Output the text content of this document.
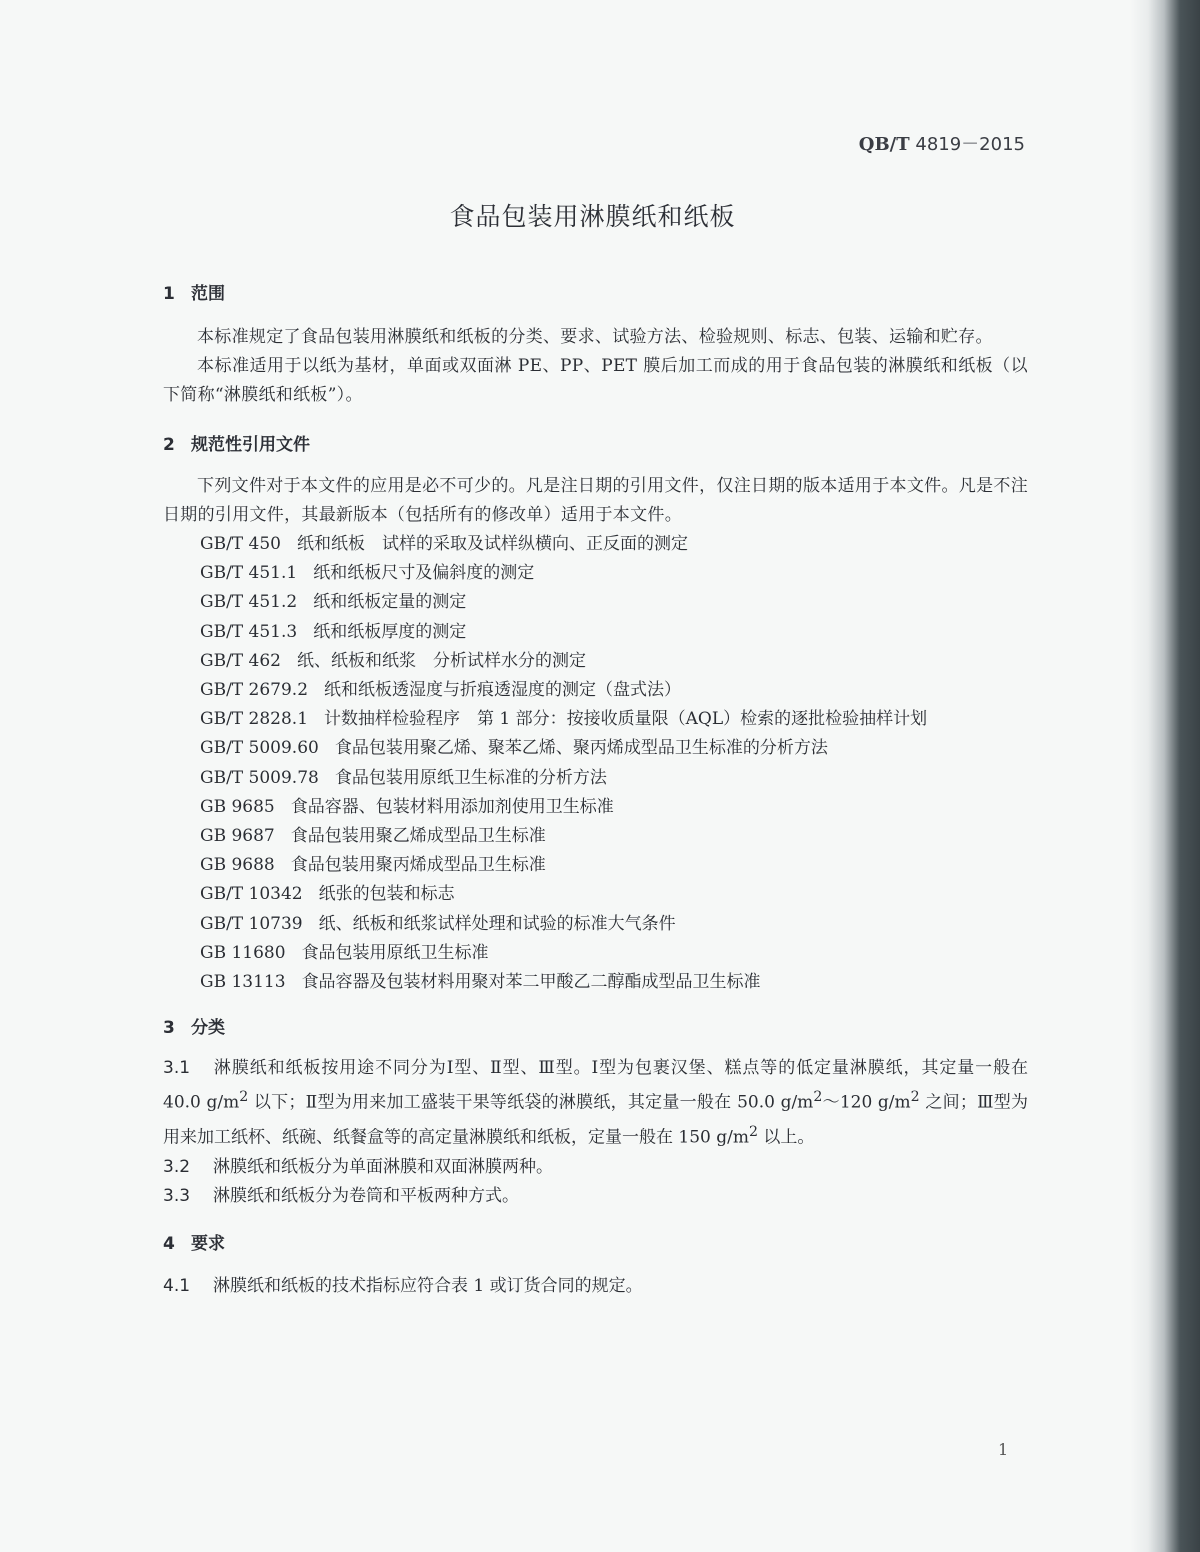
QB/T 4819－2015
食品包装用淋膜纸和纸板
1 范围

本标准规定了食品包装用淋膜纸和纸板的分类、要求、试验方法、检验规则、标志、包装、运输和贮存。

本标准适用于以纸为基材，单面或双面淋 PE、PP、PET 膜后加工而成的用于食品包装的淋膜纸和纸板（以下简称“淋膜纸和纸板”）。

2 规范性引用文件

下列文件对于本文件的应用是必不可少的。凡是注日期的引用文件，仅注日期的版本适用于本文件。凡是不注日期的引用文件，其最新版本（包括所有的修改单）适用于本文件。

GB/T 450 纸和纸板　试样的采取及试样纵横向、正反面的测定
GB/T 451.1 纸和纸板尺寸及偏斜度的测定
GB/T 451.2 纸和纸板定量的测定
GB/T 451.3 纸和纸板厚度的测定
GB/T 462 纸、纸板和纸浆　分析试样水分的测定
GB/T 2679.2 纸和纸板透湿度与折痕透湿度的测定（盘式法）
GB/T 2828.1 计数抽样检验程序　第 1 部分：按接收质量限（AQL）检索的逐批检验抽样计划
GB/T 5009.60 食品包装用聚乙烯、聚苯乙烯、聚丙烯成型品卫生标准的分析方法
GB/T 5009.78 食品包装用原纸卫生标准的分析方法
GB 9685 食品容器、包装材料用添加剂使用卫生标准
GB 9687 食品包装用聚乙烯成型品卫生标准
GB 9688 食品包装用聚丙烯成型品卫生标准
GB/T 10342 纸张的包装和标志
GB/T 10739 纸、纸板和纸浆试样处理和试验的标准大气条件
GB 11680 食品包装用原纸卫生标准
GB 13113 食品容器及包装材料用聚对苯二甲酸乙二醇酯成型品卫生标准
3 分类

3.1 淋膜纸和纸板按用途不同分为Ⅰ型、Ⅱ型、Ⅲ型。Ⅰ型为包裹汉堡、糕点等的低定量淋膜纸，其定量一般在 40.0 $g/m^2$ 以下；Ⅱ型为用来加工盛装干果等纸袋的淋膜纸，其定量一般在 50.0 $g/m^2\sim 120$ $g/m^2$ 之间；Ⅲ型为用来加工纸杯、纸碗、纸餐盒等的高定量淋膜纸和纸板，定量一般在 150 $g/m^2$ 以上。

3.2 淋膜纸和纸板分为单面淋膜和双面淋膜两种。

3.3 淋膜纸和纸板分为卷筒和平板两种方式。

4 要求

4.1 淋膜纸和纸板的技术指标应符合表 1 或订货合同的规定。

1
